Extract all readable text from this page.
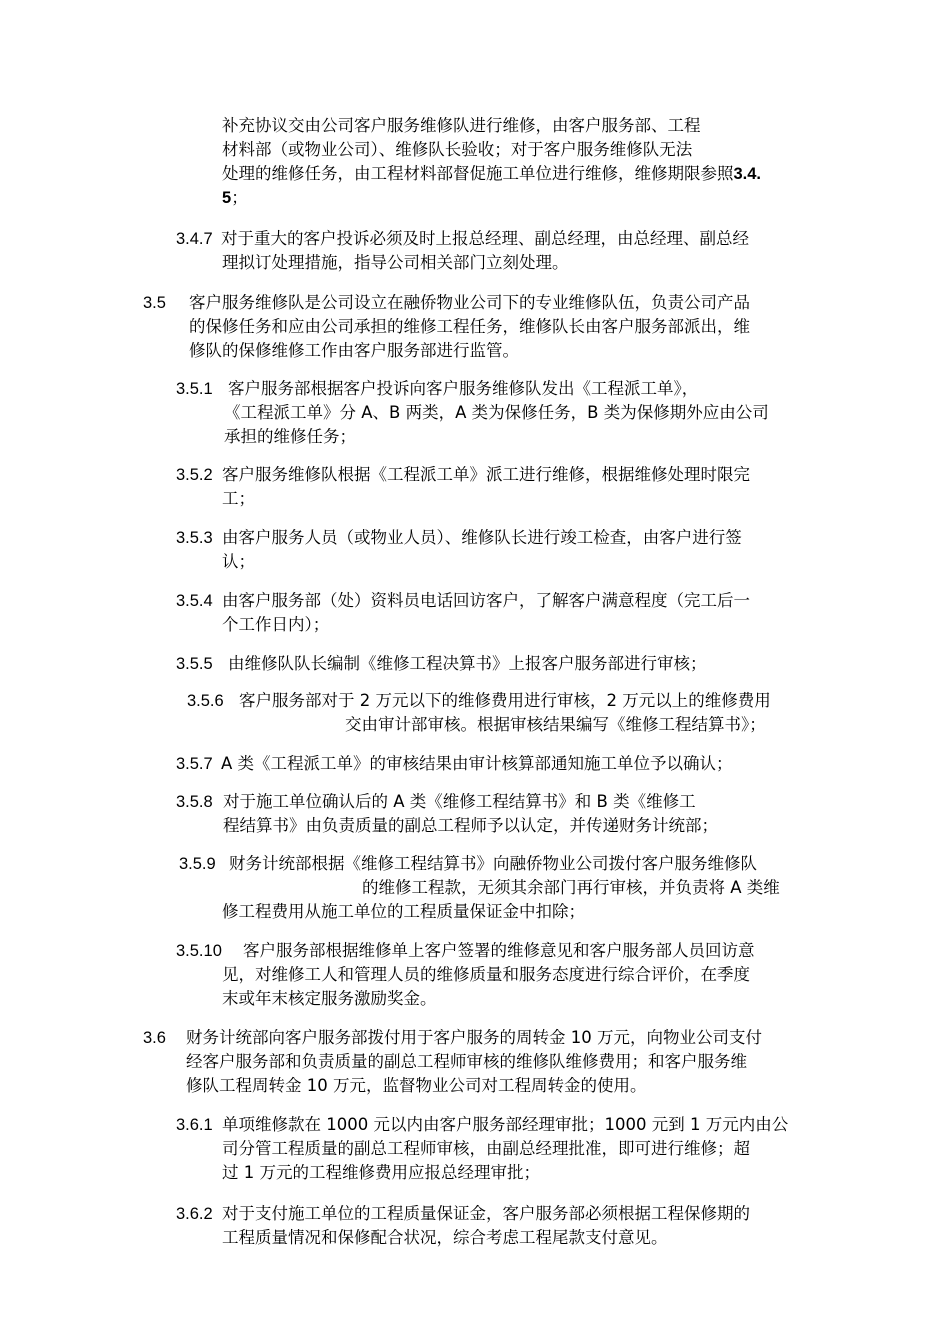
补充协议交由公司客户服务维修队进行维修，由客户服务部、工程
材料部（或物业公司）、维修队长验收；对于客户服务维修队无法
处理的维修任务，由工程材料部督促施工单位进行维修，维修期限参照3.4.
5；
3.4.7 对于重大的客户投诉必须及时上报总经理、副总经理，由总经理、副总经
理拟订处理措施，指导公司相关部门立刻处理。
3.5 客户服务维修队是公司设立在融侨物业公司下的专业维修队伍，负责公司产品
的保修任务和应由公司承担的维修工程任务，维修队长由客户服务部派出，维
修队的保修维修工作由客户服务部进行监管。
3.5.1 客户服务部根据客户投诉向客户服务维修队发出《工程派工单》，
《工程派工单》分 A、B 两类，A 类为保修任务，B 类为保修期外应由公司
承担的维修任务；
3.5.2 客户服务维修队根据《工程派工单》派工进行维修，根据维修处理时限完
工；
3.5.3 由客户服务人员（或物业人员）、维修队长进行竣工检查，由客户进行签
认；
3.5.4 由客户服务部（处）资料员电话回访客户，了解客户满意程度（完工后一
个工作日内）；
3.5.5 由维修队队长编制《维修工程决算书》上报客户服务部进行审核；
3.5.6 客户服务部对于 2 万元以下的维修费用进行审核，2 万元以上的维修费用
交由审计部审核。根据审核结果编写《维修工程结算书》；
3.5.7 A 类《工程派工单》的审核结果由审计核算部通知施工单位予以确认；
3.5.8 对于施工单位确认后的 A 类《维修工程结算书》和 B 类《维修工
程结算书》由负责质量的副总工程师予以认定，并传递财务计统部；
3.5.9 财务计统部根据《维修工程结算书》向融侨物业公司拨付客户服务维修队
的维修工程款，无须其余部门再行审核，并负责将 A 类维
修工程费用从施工单位的工程质量保证金中扣除；
3.5.10 客户服务部根据维修单上客户签署的维修意见和客户服务部人员回访意
见，对维修工人和管理人员的维修质量和服务态度进行综合评价，在季度
末或年末核定服务激励奖金。
3.6 财务计统部向客户服务部拨付用于客户服务的周转金 10 万元，向物业公司支付
经客户服务部和负责质量的副总工程师审核的维修队维修费用；和客户服务维
修队工程周转金 10 万元，监督物业公司对工程周转金的使用。
3.6.1 单项维修款在 1000 元以内由客户服务部经理审批；1000 元到 1 万元内由公
司分管工程质量的副总工程师审核，由副总经理批准，即可进行维修；超
过 1 万元的工程维修费用应报总经理审批；
3.6.2 对于支付施工单位的工程质量保证金，客户服务部必须根据工程保修期的
工程质量情况和保修配合状况，综合考虑工程尾款支付意见。
